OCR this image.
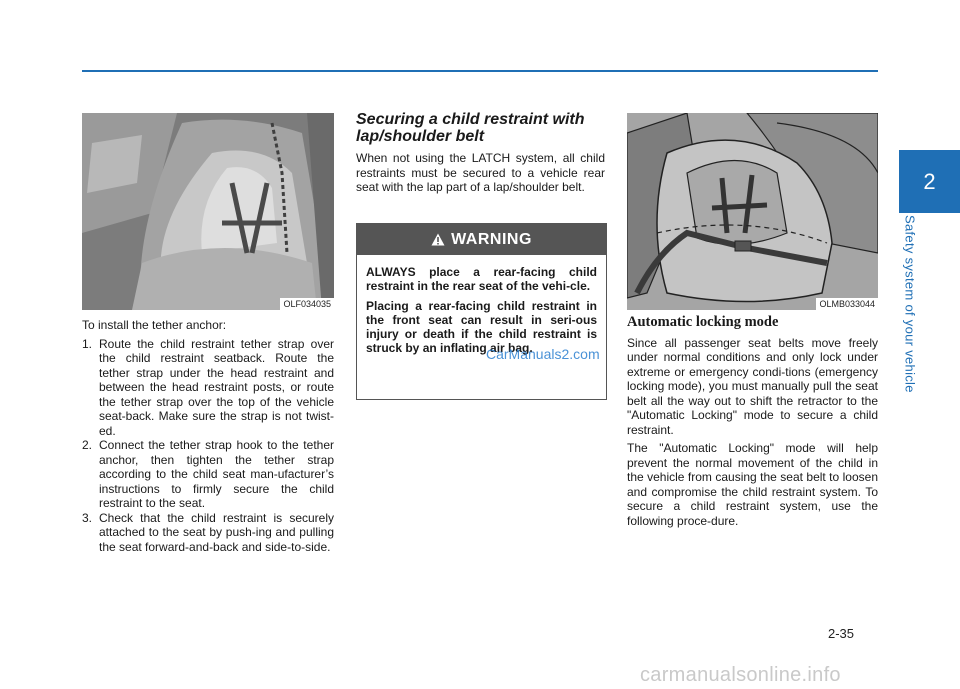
2
Safety system of your vehicle
OLF034035

To install the tether anchor:

1. Route the child restraint tether strap over the child restraint seatback. Route the tether strap under the head restraint and between the head restraint posts, or route the tether strap over the top of the vehicle seat-back. Make sure the strap is not twist-ed.
2. Connect the tether strap hook to the tether anchor, then tighten the tether strap according to the child seat man-ufacturer’s instructions to firmly secure the child restraint to the seat.
3. Check that the child restraint is securely attached to the seat by push-ing and pulling the seat forward-and-back and side-to-side.
Securing a child restraint with lap/shoulder belt

When not using the LATCH system, all child restraints must be secured to a vehicle rear seat with the lap part of a lap/shoulder belt.

WARNING

ALWAYS place a rear-facing child restraint in the rear seat of the vehi-cle.

Placing a rear-facing child restraint in the front seat can result in seri-ous injury or death if the child restraint is struck by an inflating air bag.

CarManuals2.com
OLMB033044
Automatic locking mode

Since all passenger seat belts move freely under normal conditions and only lock under extreme or emergency condi-tions (emergency locking mode), you must manually pull the seat belt all the way out to shift the retractor to the "Automatic Locking" mode to secure a child restraint.

The "Automatic Locking" mode will help prevent the normal movement of the child in the vehicle from causing the seat belt to loosen and compromise the child restraint system. To secure a child restraint system, use the following proce-dure.

2-35
carmanualsonline.info
